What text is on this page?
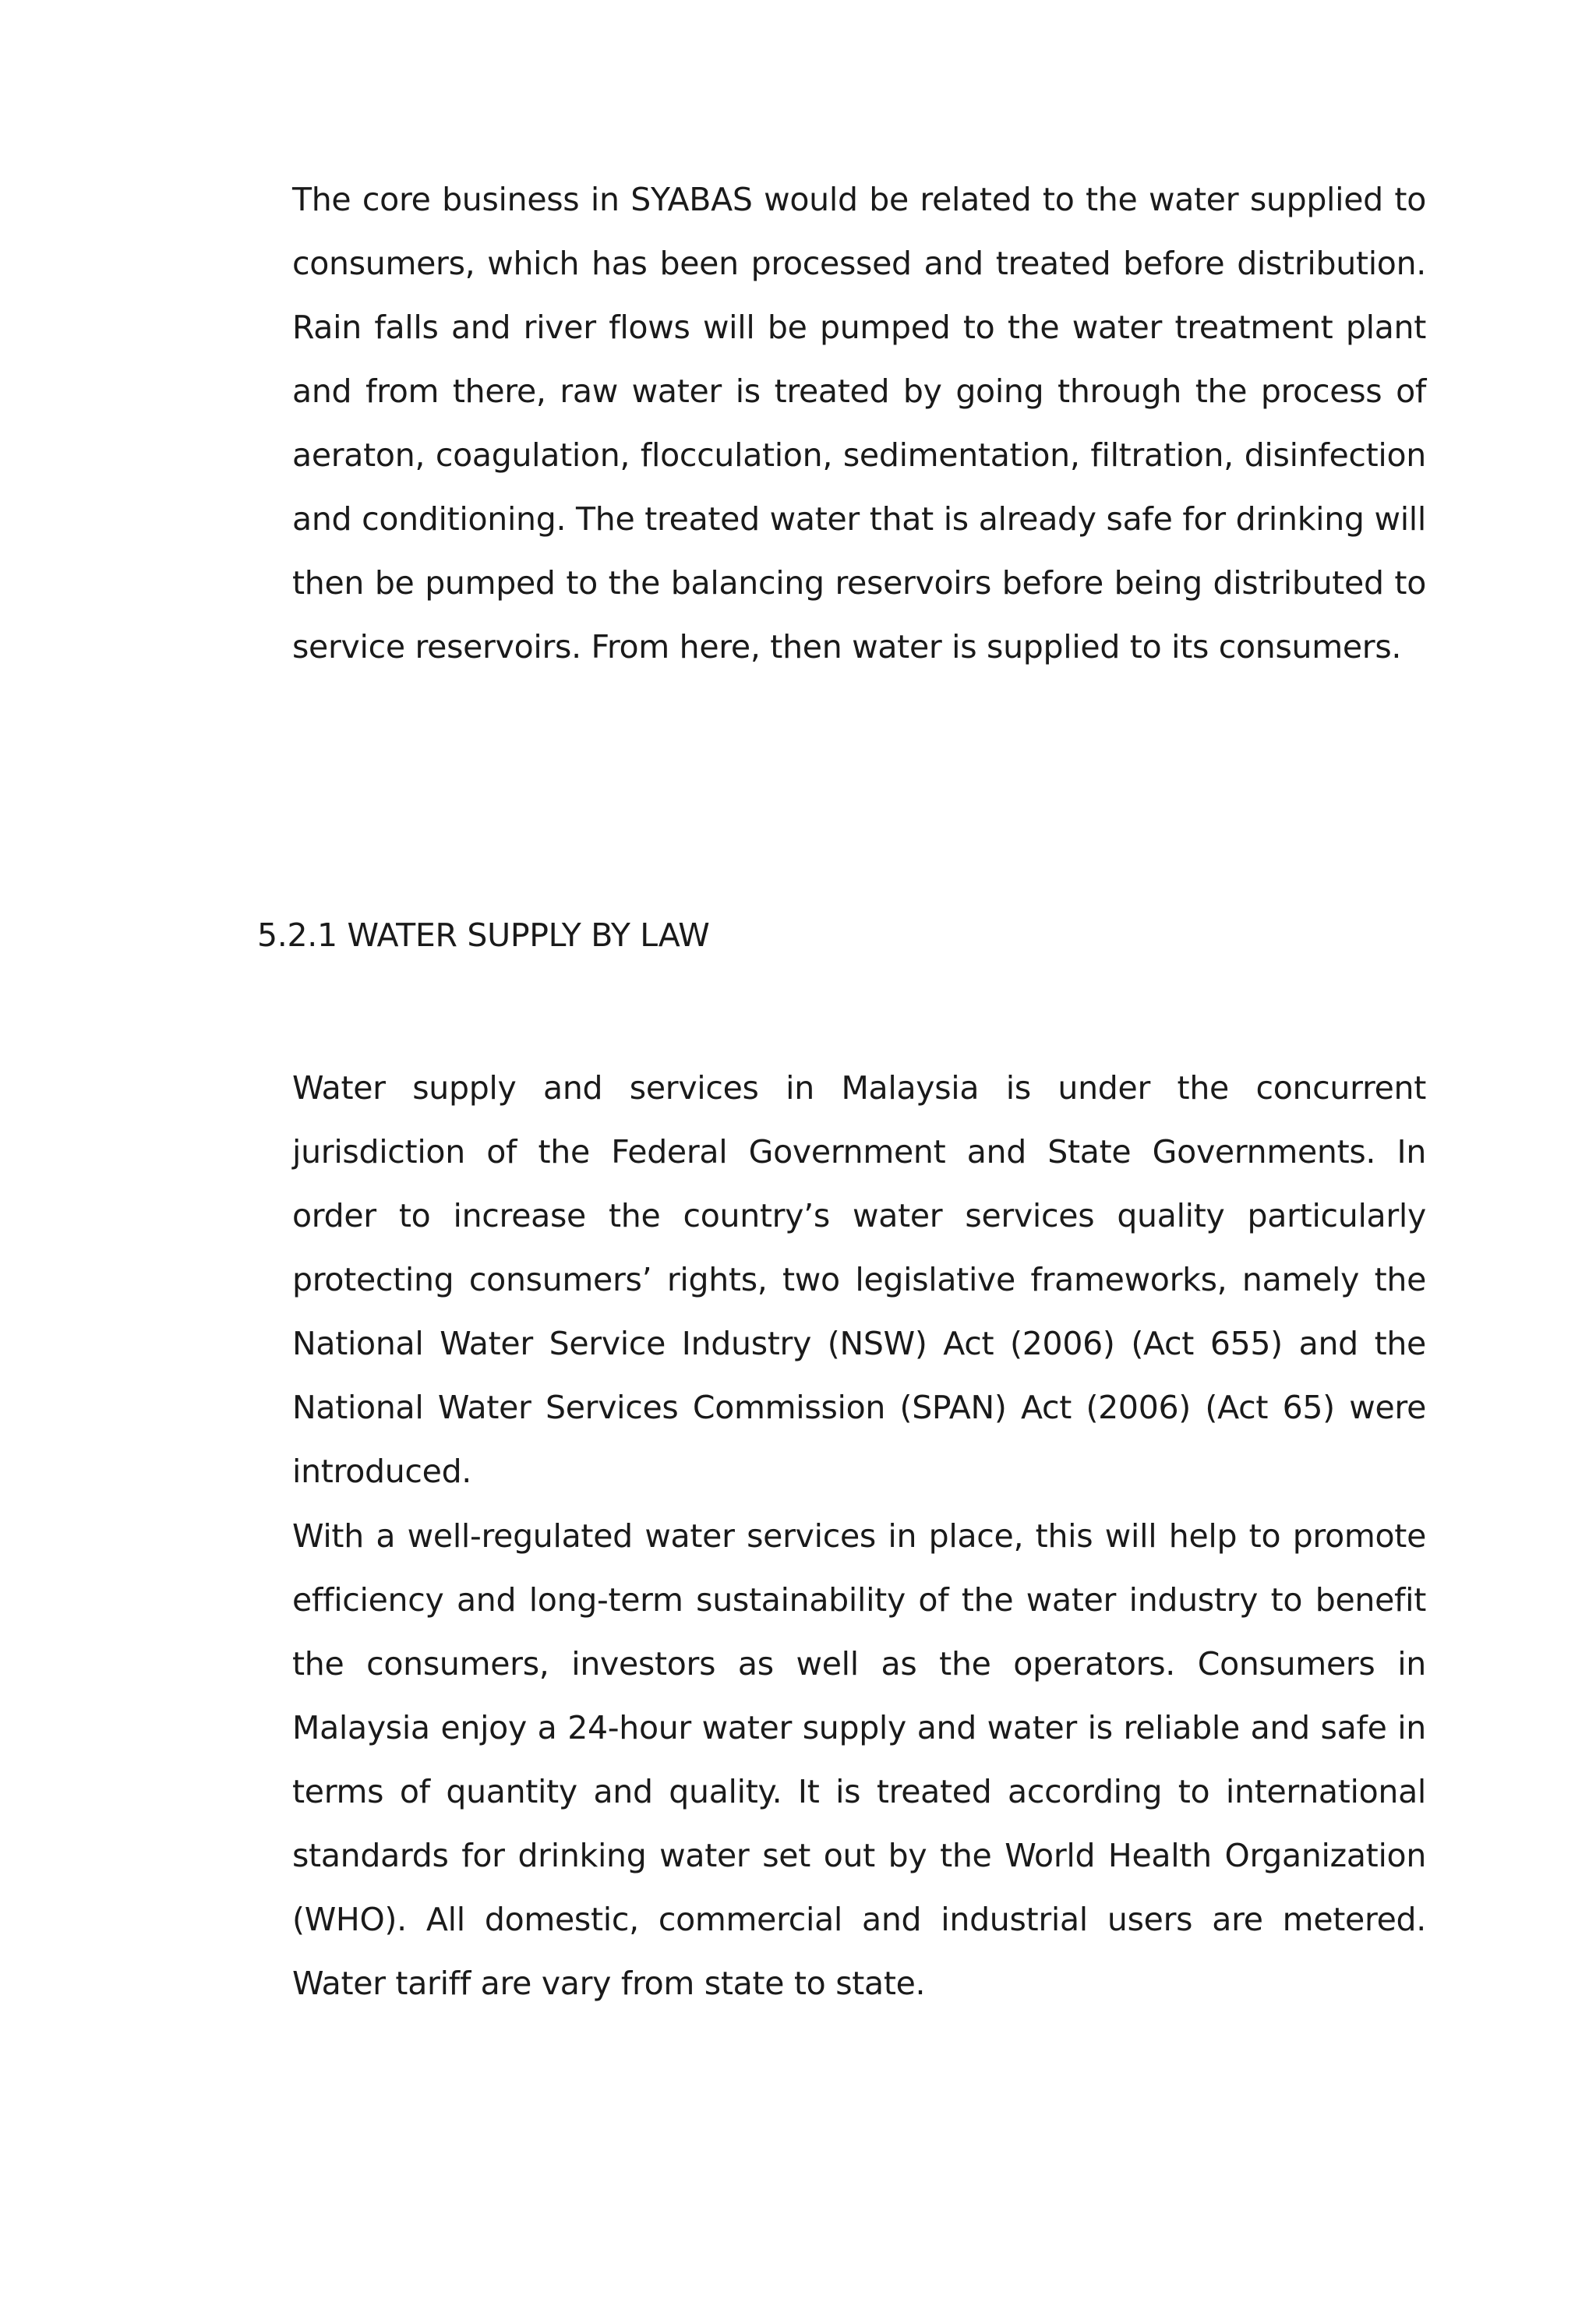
The core business in SYABAS would be related to the water supplied to consumers, which has been processed and treated before distribution. Rain falls and river flows will be pumped to the water treatment plant and from there, raw water is treated by going through the process of aeraton, coagulation, flocculation, sedimentation, filtration, disinfection and conditioning. The treated water that is already safe for drinking will then be pumped to the balancing reservoirs before being distributed to service reservoirs. From here, then water is supplied to its consumers.

5.2.1 WATER SUPPLY BY LAW

Water supply and services in Malaysia is under the concurrent jurisdiction of the Federal Government and State Governments. In order to increase the country’s water services quality particularly protecting consumers’ rights, two legislative frameworks, namely the National Water Service Industry (NSW) Act (2006) (Act 655) and the National Water Services Commission (SPAN) Act (2006) (Act 65) were introduced.

With a well-regulated water services in place, this will help to promote efficiency and long-term sustainability of the water industry to benefit the consumers, investors as well as the operators. Consumers in Malaysia enjoy a 24-hour water supply and water is reliable and safe in terms of quantity and quality. It is treated according to international standards for drinking water set out by the World Health Organization (WHO). All domestic, commercial and industrial users are metered. Water tariff are vary from state to state.
